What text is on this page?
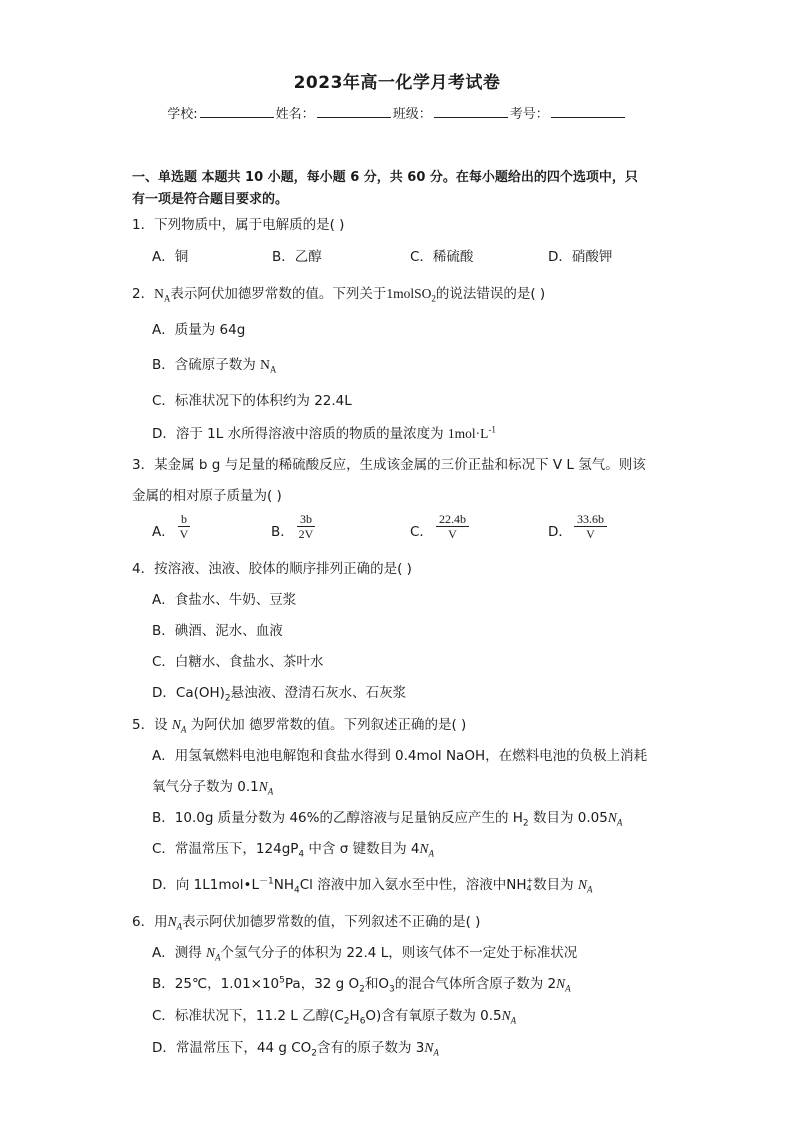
2023年高一化学月考试卷
学校:	姓名：	班级：	考号：
一、单选题 本题共 10 小题，每小题 6 分，共 60 分。在每小题给出的四个选项中，只
有一项是符合题目要求的。
1．下列物质中，属于电解质的是( )
A．铜	B．乙醇	C．稀硫酸	D．硝酸钾
2．$N_A$表示阿伏加德罗常数的值。下列关于1molSO$_2$的说法错误的是( )
A．质量为 64g
B．含硫原子数为 $N_A$
C．标准状况下的体积约为 22.4L
D．溶于 1L 水所得溶液中溶质的物质的量浓度为 $1mol\cdot L^{-1}$
3．某金属 b g 与足量的稀硫酸反应，生成该金属的三价正盐和标况下 V L 氢气。则该
金属的相对原子质量为( )
A． $\frac{b}{V}$	B． $\frac{3b}{2V}$	C． $\frac{22.4b}{V}$	D． $\frac{33.6b}{V}$
4．按溶液、浊液、胶体的顺序排列正确的是( )
A．食盐水、牛奶、豆浆
B．碘酒、泥水、血液
C．白糖水、食盐水、茶叶水
D．$Ca(OH)_2$悬浊液、澄清石灰水、石灰浆
5．设 $N_A$ 为阿伏加 德罗常数的值。下列叙述正确的是( )
A．用氢氧燃料电池电解饱和食盐水得到 0.4mol NaOH，在燃料电池的负极上消耗
氧气分子数为 $0.1N_A$
B．10.0g 质量分数为 46%的乙醇溶液与足量钠反应产生的 $H_2$ 数目为 $0.05N_A$
C．常温常压下，$124gP_4$ 中含 σ 键数目为 $4N_A$
D．向 $1L1mol•L^{-1}NH_4Cl$ 溶液中加入氨水至中性，溶液中NH +
4 数目为 $N_A$
6．用$N_A$表示阿伏加德罗常数的值，下列叙述不正确的是( )
A．测得 $N_A$个氢气分子的体积为 22.4 L，则该气体不一定处于标准状况
B．25℃，$1.01\times 10^5Pa$，32 g $O_2$和$O_3$的混合气体所含原子数为 $2N_A$
C．标准状况下，11.2 L 乙醇$(C_2H_6O)$含有氧原子数为 $0.5N_A$
D．常温常压下，44 g $CO_2$含有的原子数为 $3N_A$
